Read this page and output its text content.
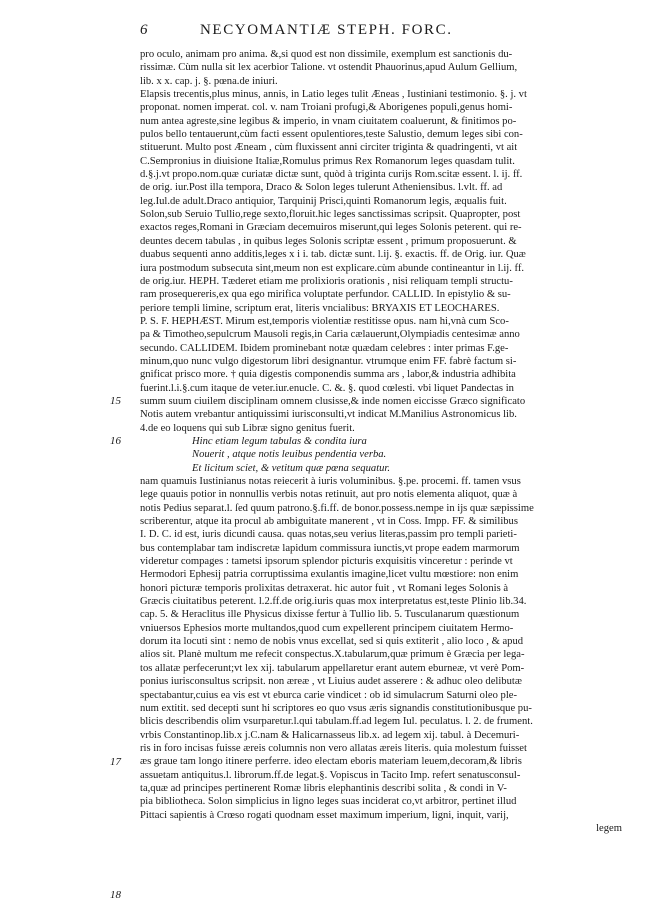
6	NECYOMANTIÆ STEPH. FORC.
pro oculo, animam pro anima. &,si quod est non dissimile, exemplum est sanctionis du-
rissimæ. Cùm nulla sit lex acerbior Talione. vt ostendit Phauorinus,apud Aulum Gellium,
lib. x x. cap. j. §. pœna.de iniuri.
Elapsis trecentis,plus minus, annis, in Latio leges tulit Æneas , Iustiniani testimonio. §. j. vt
proponat. nomen imperat. col. v. nam Troiani profugi,& Aborigenes populi,genus homi-
num antea agreste,sine legibus & imperio, in vnam ciuitatem coaluerunt, & finitimos po-
pulos bello tentauerunt,cùm facti essent opulentiores,teste Salustio, demum leges sibi con-
stituerunt. Multo post Æneam , cùm fluxissent anni circiter triginta & quadringenti, vt ait
C.Sempronius in diuisione Italiæ,Romulus primus Rex Romanorum leges quasdam tulit.
d.§.j.vt propo.nom.quæ curiatæ dictæ sunt, quòd à triginta curijs Rom.scitæ essent. l. ij. ff.
de orig. iur.Post illa tempora, Draco & Solon leges tulerunt Atheniensibus. l.vlt. ff. ad
leg.Iul.de adult.Draco antiquior, Tarquinij Prisci,quinti Romanorum legis, æqualis fuit.
Solon,sub Seruio Tullio,rege sexto,floruit.hic leges sanctissimas scripsit. Quapropter, post
exactos reges,Romani in Græciam decemuiros miserunt,qui leges Solonis peterent. qui re-
deuntes decem tabulas , in quibus leges Solonis scriptæ essent , primum proposuerunt. &
duabus sequenti anno additis,leges x i i. tab. dictæ sunt. l.ij. §. exactis. ff. de Orig. iur. Quæ
iura postmodum subsecuta sint,meum non est explicare.cùm abunde contineantur in l.ij. ff.
de orig.iur. HEPH. Tæderet etiam me prolixioris orationis , nisi reliquam templi structu-
ram prosequereris,ex qua ego mirifica voluptate perfundor. CALLID. In epistylio & su-
periore templi limine, scriptum erat, literis vncialibus: BRYAXIS ET LEOCHARES.
P. S. F. HEPHÆST. Mirum est,temporis violentiæ restitisse opus. nam hi,vnà cum Sco-
pa & Timotheo,sepulcrum Mausoli regis,in Caria cælauerunt,Olympiadis centesimæ anno
secundo. CALLIDEM. Ibidem prominebant notæ quædam celebres : inter primas F.ge-
minum,quo nunc vulgo digestorum libri designantur. vtrumque enim FF. fabrè factum si-
gnificat prisco more. † quia digestis componendis summa ars , labor,& industria adhibita
fuerint.l.i.§.cum itaque de veter.iur.enucle. C. &. §. quod cœlesti. vbi liquet Pandectas in
summ suum ciuilem disciplinam omnem clusisse,& inde nomen eiccisse Græco significato
Notis autem vrebantur antiquissimi iurisconsulti,vt indicat M.Manilius Astronomicus lib.
4.de eo loquens qui sub Libræ signo genitus fuerit.
Hinc etiam legum tabulas & condita iura
Nouerit , atque notis leuibus pendentia verba.
Et licitum sciet, & vetitum quæ pœna sequatur.
nam quamuis Iustinianus notas reiecerit à iuris voluminibus. §.pe. procemi. ff. tamen vsus
lege quauis potior in nonnullis verbis notas retinuit, aut pro notis elementa aliquot, quæ à
notis Pedius separat.l. ſed quum patrono.§.fi.ff. de bonor.possess.nempe in ijs quæ sæpissime
scriberentur, atque ita procul ab ambiguitate manerent , vt in Coss. Impp. FF. & similibus
I. D. C. id est, iuris dicundi causa. quas notas,seu verius literas,passim pro templi parieti-
bus contemplabar tam indiscretæ lapidum commissura iunctis,vt prope eadem marmorum
videretur compages : tametsi ipsorum splendor picturis exquisitis vinceretur : perinde vt
Hermodori Ephesij patria corruptissima exulantis imagine,licet vultu mœstiore: non enim
honori picturæ temporis prolixitas detraxerat. hic autor fuit , vt Romani leges Solonis à
Græcis ciuitatibus peterent. l.2.ff.de orig.iuris quas mox interpretatus est,teste Plinio lib.34.
cap. 5. & Heraclitus ille Physicus dixisse fertur à Tullio lib. 5. Tusculanarum quæstionum
vniuersos Ephesios morte multandos,quod cum expellerent principem ciuitatem Hermo-
dorum ita locuti sint : nemo de nobis vnus excellat, sed si quis extiterit , alio loco , & apud
alios sit. Planè multum me refecit conspectus.X.tabularum,quæ primum è Græcia per lega-
tos allatæ perfecerunt;vt lex xij. tabularum appellaretur erant autem eburneæ, vt verè Pom-
ponius iurisconsultus scripsit. non æreæ , vt Liuius audet asserere : & adhuc oleo delibutæ
spectabantur,cuius ea vis est vt eburca carie vindicet : ob id simulacrum Saturni oleo ple-
num extitit. sed decepti sunt hi scriptores eo quo vsus æris signandis constitutionibusque pu-
blicis describendis olim vsurparetur.l.qui tabulam.ff.ad legem Iul. peculatus. l. 2. de frument.
vrbis Constantinop.lib.x j.C.nam & Halicarnasseus lib.x. ad legem xij. tabul. à Decemuri-
ris in foro incisas fuisse æreis columnis non vero allatas æreis literis. quia molestum fuisset
æs graue tam longo itinere perferre. ideo electam eboris materiam leuem,decoram,& libris
assuetam antiquitus.l. librorum.ff.de legat.§. Vopiscus in Tacito Imp. refert senatusconsul-
ta,quæ ad principes pertinerent Romæ libris elephantinis describi solita , & condi in V-
pia bibliotheca. Solon simplicius in ligno leges suas inciderat co,vt arbitror, pertinet illud
Pittaci sapientis à Crœso rogati quodnam esset maximum imperium, ligni, inquit, varij,
legem
15
16
17
18
